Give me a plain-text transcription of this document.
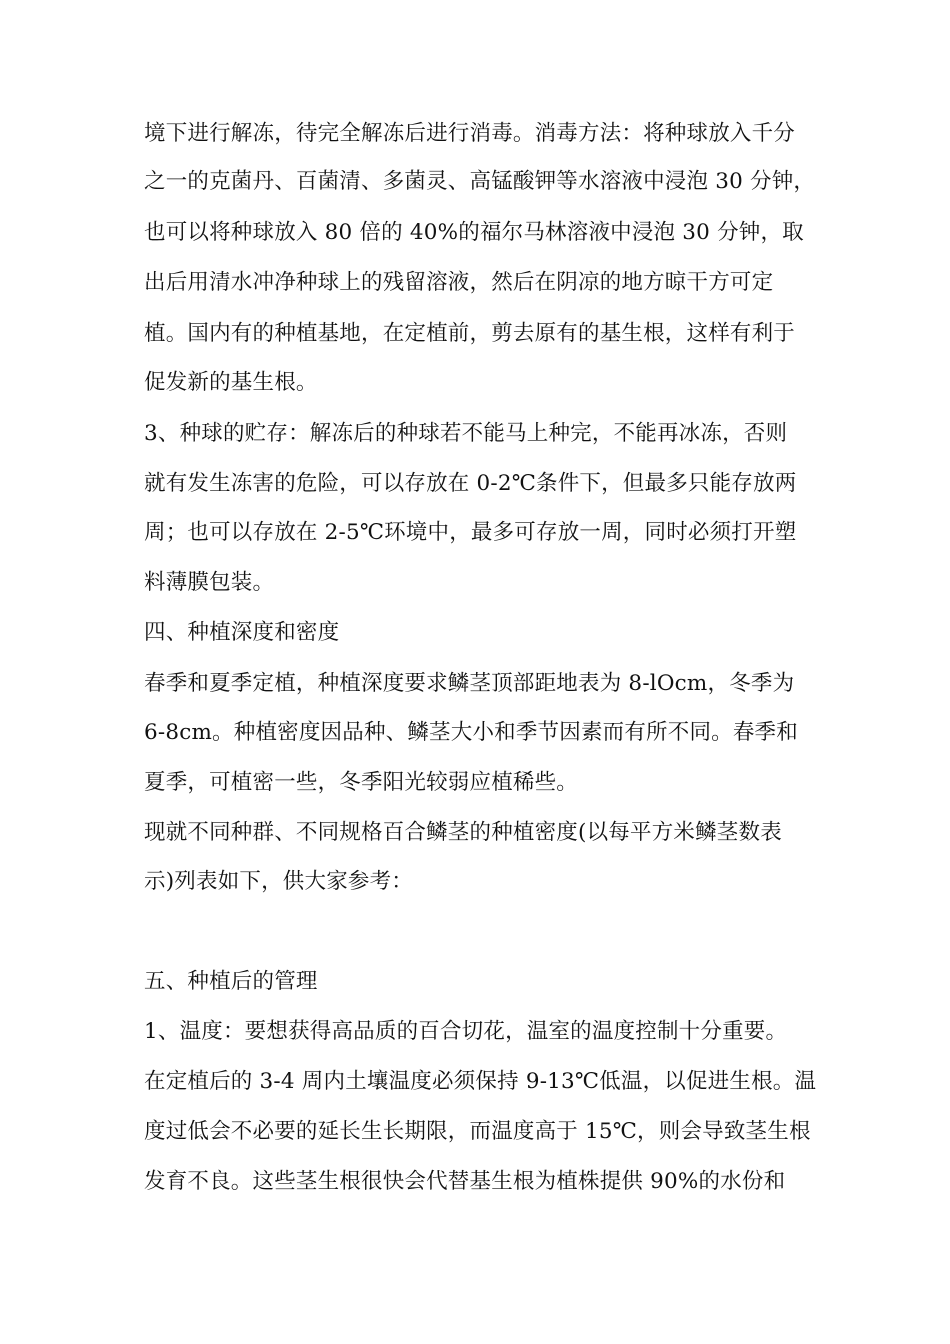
境下进行解冻，待完全解冻后进行消毒。消毒方法：将种球放入千分
之一的克菌丹、百菌清、多菌灵、高锰酸钾等水溶液中浸泡 30 分钟，
也可以将种球放入 80 倍的 40%的福尔马林溶液中浸泡 30 分钟，取
出后用清水冲净种球上的残留溶液，然后在阴凉的地方晾干方可定
植。国内有的种植基地，在定植前，剪去原有的基生根，这样有利于
促发新的基生根。
3、种球的贮存：解冻后的种球若不能马上种完，不能再冰冻，否则
就有发生冻害的危险，可以存放在 0-2℃条件下，但最多只能存放两
周；也可以存放在 2-5℃环境中，最多可存放一周，同时必须打开塑
料薄膜包装。
四、种植深度和密度
春季和夏季定植，种植深度要求鳞茎顶部距地表为 8-lOcm，冬季为
6-8cm。种植密度因品种、鳞茎大小和季节因素而有所不同。春季和
夏季，可植密一些，冬季阳光较弱应植稀些。
现就不同种群、不同规格百合鳞茎的种植密度(以每平方米鳞茎数表
示)列表如下，供大家参考：
五、种植后的管理
1、温度：要想获得高品质的百合切花，温室的温度控制十分重要。
在定植后的 3-4 周内土壤温度必须保持 9-13℃低温，以促进生根。温
度过低会不必要的延长生长期限，而温度高于 15℃，则会导致茎生根
发育不良。这些茎生根很快会代替基生根为植株提供 90%的水份和
